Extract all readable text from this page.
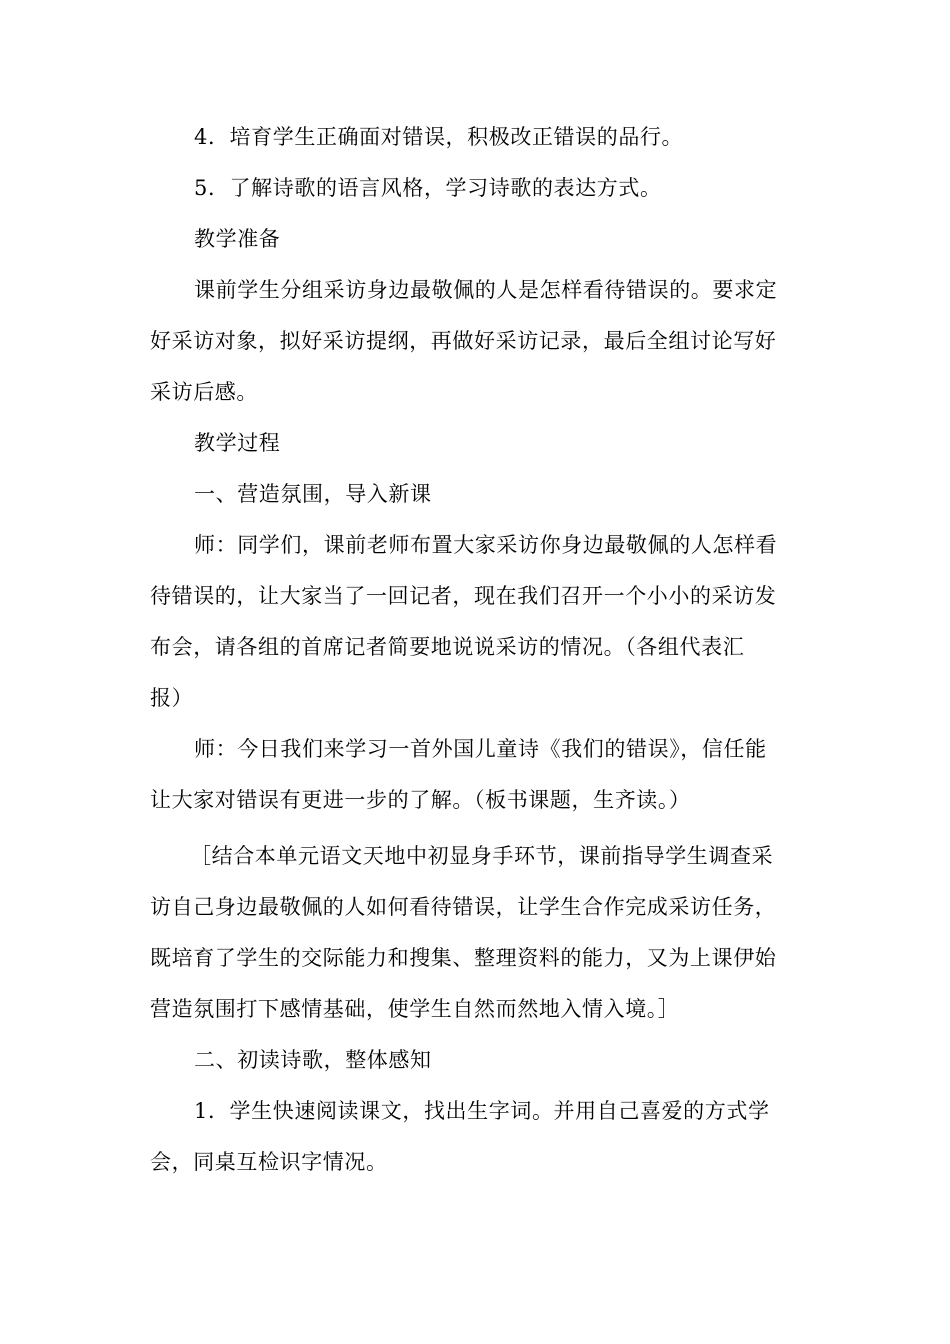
4．培育学生正确面对错误，积极改正错误的品行。

5．了解诗歌的语言风格，学习诗歌的表达方式。

教学准备

课前学生分组采访身边最敬佩的人是怎样看待错误的。要求定
好采访对象，拟好采访提纲，再做好采访记录，最后全组讨论写好
采访后感。

教学过程

一、营造氛围，导入新课

师：同学们，课前老师布置大家采访你身边最敬佩的人怎样看
待错误的，让大家当了一回记者，现在我们召开一个小小的采访发
布会，请各组的首席记者简要地说说采访的情况。（各组代表汇
报）

师：今日我们来学习一首外国儿童诗《我们的错误》，信任能
让大家对错误有更进一步的了解。（板书课题，生齐读。）

［结合本单元语文天地中初显身手环节，课前指导学生调查采
访自己身边最敬佩的人如何看待错误，让学生合作完成采访任务，
既培育了学生的交际能力和搜集、整理资料的能力，又为上课伊始
营造氛围打下感情基础，使学生自然而然地入情入境。］

二、初读诗歌，整体感知

1．学生快速阅读课文，找出生字词。并用自己喜爱的方式学
会，同桌互检识字情况。
